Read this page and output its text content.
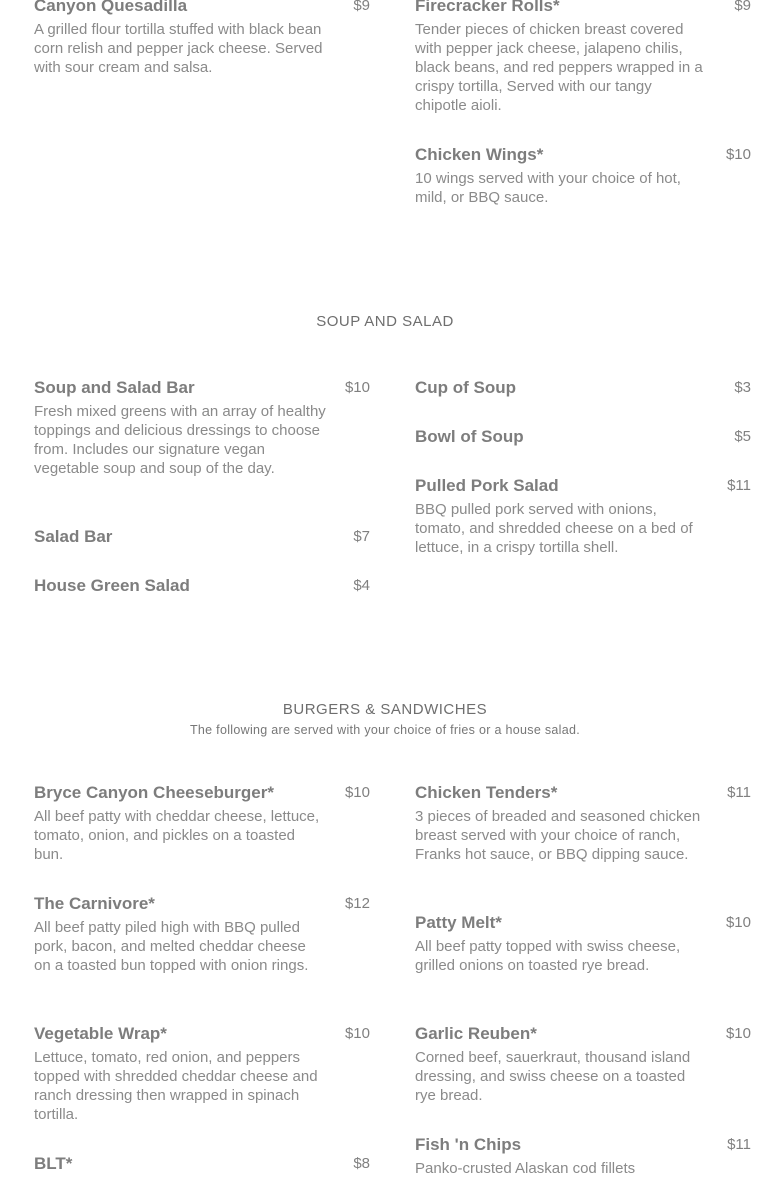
SOUP AND SALAD
BURGERS & SANDWICHES
The following are served with your choice of fries or a house salad.
Canyon Quesadilla	$9
A grilled flour tortilla stuffed with black bean corn relish and pepper jack cheese. Served with sour cream and salsa.
Firecracker Rolls*	$9
Tender pieces of chicken breast covered with pepper jack cheese, jalapeno chilis, black beans, and red peppers wrapped in a crispy tortilla, Served with our tangy chipotle aioli.
Chicken Wings*	$10
10 wings served with your choice of hot, mild, or BBQ sauce.
Soup and Salad Bar	$10
Fresh mixed greens with an array of healthy toppings and delicious dressings to choose from. Includes our signature vegan vegetable soup and soup of the day.
Salad Bar	$7
House Green Salad	$4
Cup of Soup	$3
Bowl of Soup	$5
Pulled Pork Salad	$11
BBQ pulled pork served with onions, tomato, and shredded cheese on a bed of lettuce, in a crispy tortilla shell.
Bryce Canyon Cheeseburger*	$10
All beef patty with cheddar cheese, lettuce, tomato, onion, and pickles on a toasted bun.
The Carnivore*	$12
All beef patty piled high with BBQ pulled pork, bacon, and melted cheddar cheese on a toasted bun topped with onion rings.
Vegetable Wrap*	$10
Lettuce, tomato, red onion, and peppers topped with shredded cheddar cheese and ranch dressing then wrapped in spinach tortilla.
BLT*	$8
Chicken Tenders*	$11
3 pieces of breaded and seasoned chicken breast served with your choice of ranch, Franks hot sauce, or BBQ dipping sauce.
Patty Melt*	$10
All beef patty topped with swiss cheese, grilled onions on toasted rye bread.
Garlic Reuben*	$10
Corned beef, sauerkraut, thousand island dressing, and swiss cheese on a toasted rye bread.
Fish 'n Chips	$11
Panko-crusted Alaskan cod fillets
